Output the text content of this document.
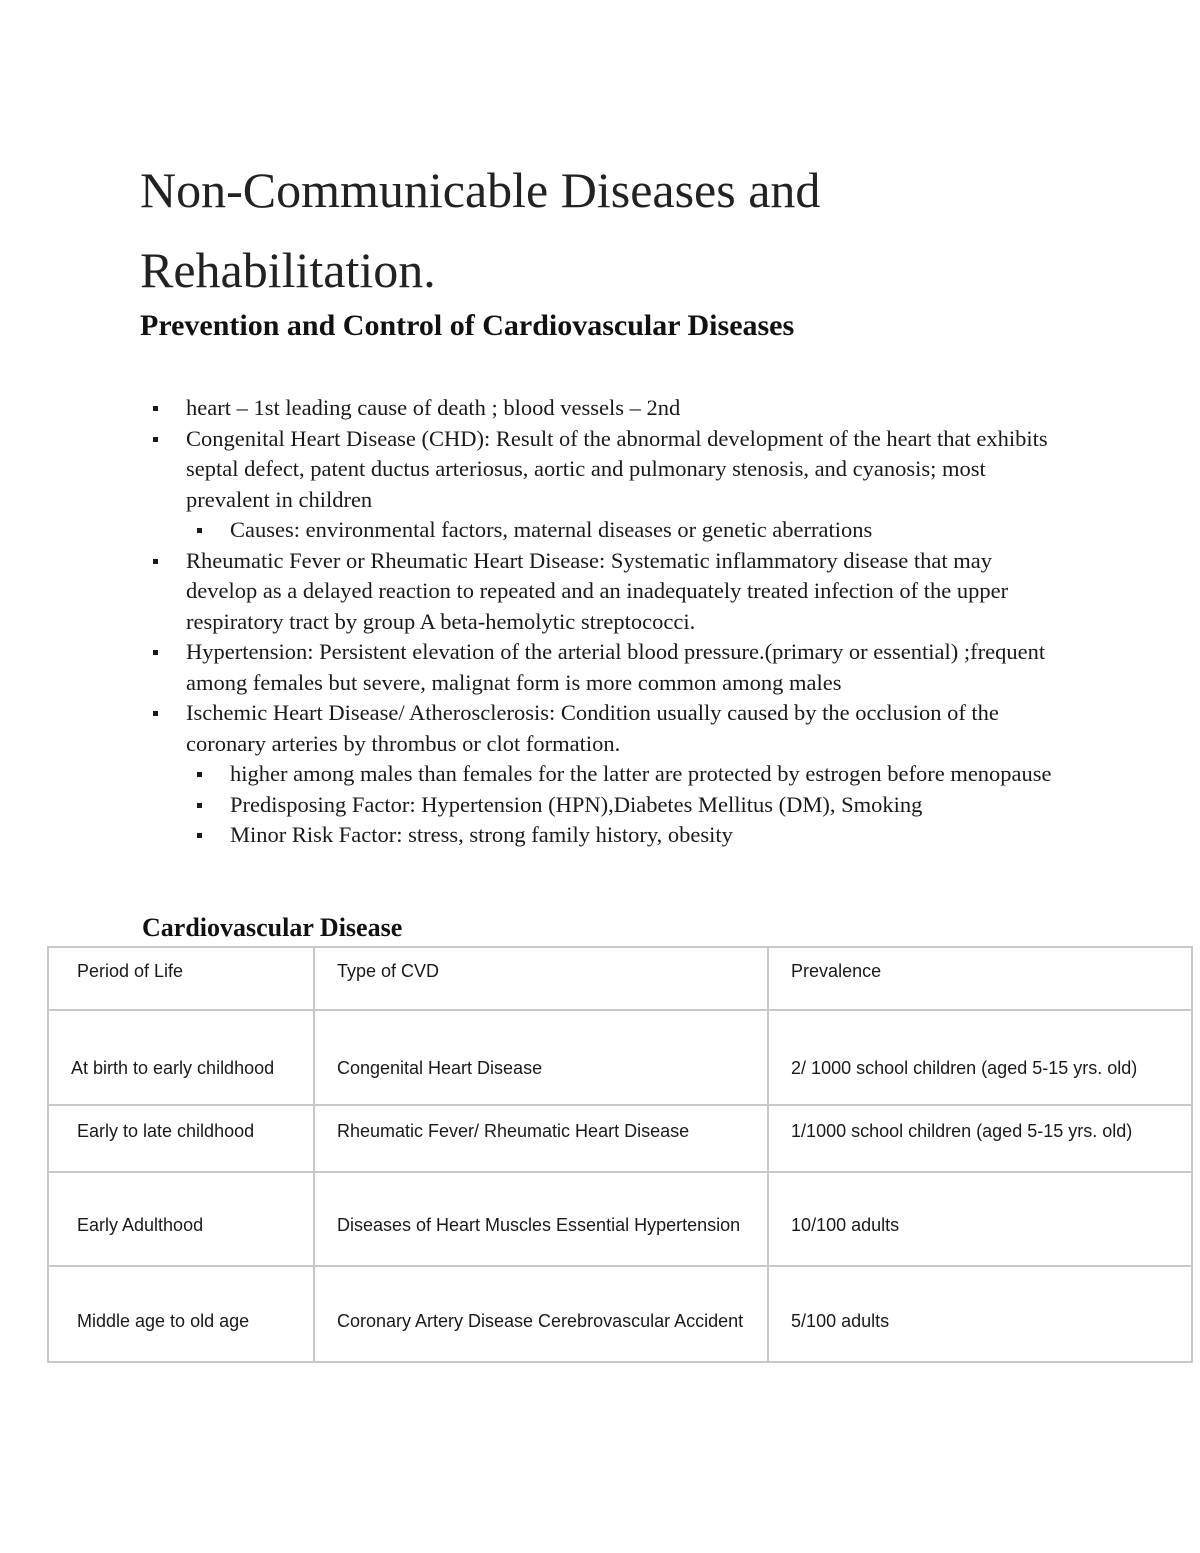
Non-Communicable Diseases and Rehabilitation.
Prevention and Control of Cardiovascular Diseases
heart – 1st leading cause of death ; blood vessels – 2nd
Congenital Heart Disease (CHD): Result of the abnormal development of the heart that exhibits septal defect, patent ductus arteriosus, aortic and pulmonary stenosis, and cyanosis; most prevalent in children
Causes: environmental factors, maternal diseases or genetic aberrations
Rheumatic Fever or Rheumatic Heart Disease: Systematic inflammatory disease that may develop as a delayed reaction to repeated and an inadequately treated infection of the upper respiratory tract by group A beta-hemolytic streptococci.
Hypertension: Persistent elevation of the arterial blood pressure.(primary or essential) ;frequent among females but severe, malignat form is more common among males
Ischemic Heart Disease/ Atherosclerosis: Condition usually caused by the occlusion of the coronary arteries by thrombus or clot formation.
higher among males than females for the latter are protected by estrogen before menopause
Predisposing Factor: Hypertension (HPN),Diabetes Mellitus (DM), Smoking
Minor Risk Factor: stress, strong family history, obesity
Cardiovascular Disease
Period of Life	Type of CVD	Prevalence
At birth to early childhood	Congenital Heart Disease	2/ 1000 school children (aged 5-15 yrs. old)
Early to late childhood	Rheumatic Fever/ Rheumatic Heart Disease	1/1000 school children (aged 5-15 yrs. old)
Early Adulthood	Diseases of Heart Muscles Essential Hypertension	10/100 adults
Middle age to old age	Coronary Artery Disease Cerebrovascular Accident	5/100 adults
